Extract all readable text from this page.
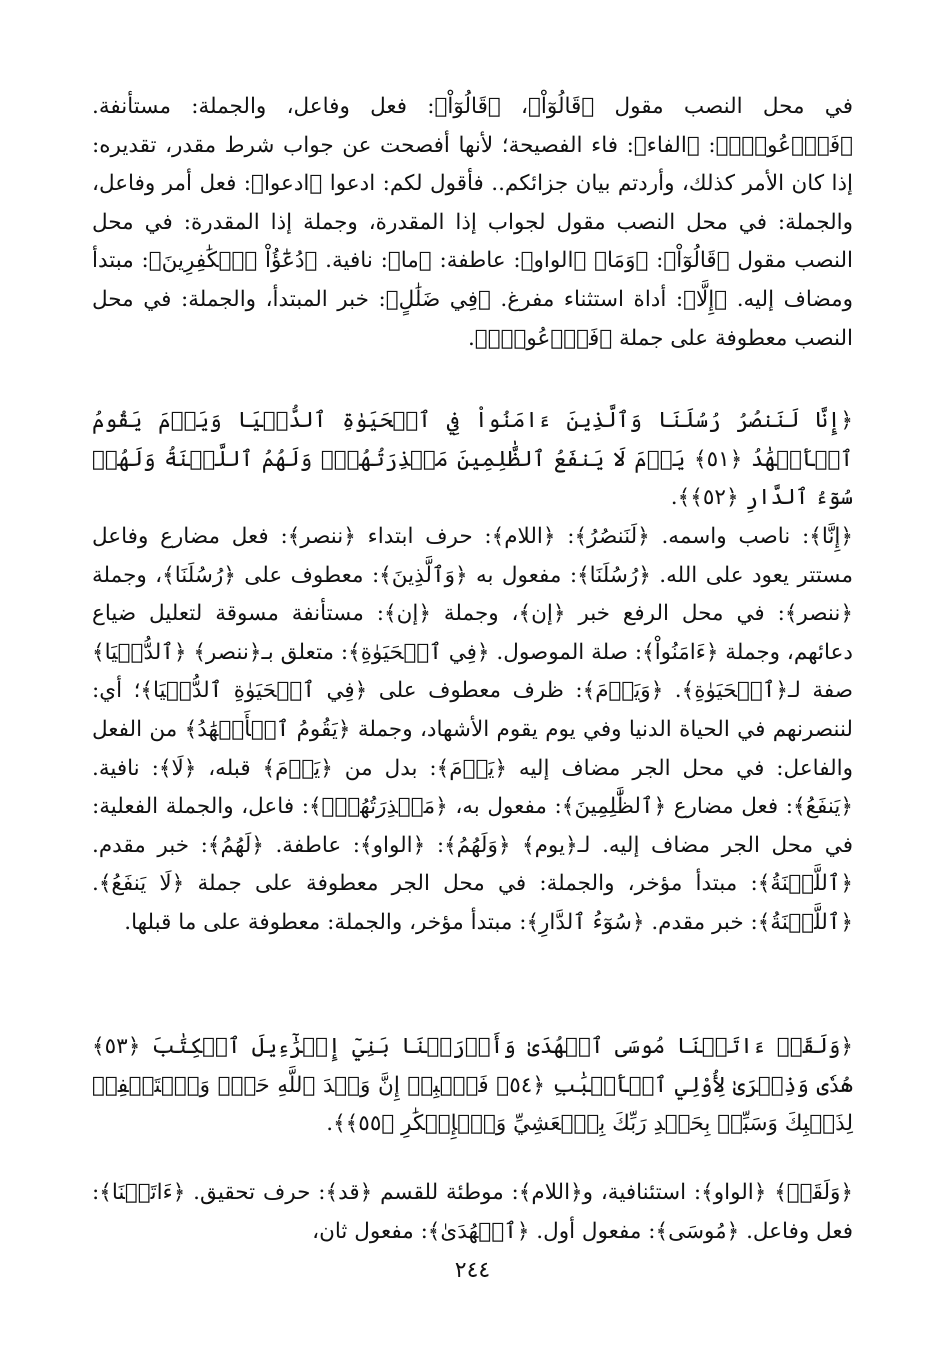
في محل النصب مقول ﴿قَالُوٓاْ﴾، ﴿قَالُوٓاْ﴾: فعل وفاعل، والجملة: مستأنفة. ﴿فَٱدۡعُواْۗ﴾: ﴿الفاء﴾: فاء الفصيحة؛ لأنها أفصحت عن جواب شرط مقدر، تقديره: إذا كان الأمر كذلك، وأردتم بيان جزائكم.. فأقول لكم: ادعوا ﴿ادعوا﴾: فعل أمر وفاعل، والجملة: في محل النصب مقول لجواب إذا المقدرة، وجملة إذا المقدرة: في محل النصب مقول ﴿قَالُوٓاْ﴾: ﴿وَمَا﴾ ﴿الواو﴾: عاطفة: ﴿ما﴾: نافية. ﴿دُعَٰٓؤُاْ ٱلۡكَٰفِرِينَ﴾: مبتدأ ومضاف إليه. ﴿إِلَّا﴾: أداة استثناء مفرغ. ﴿فِي ضَلَٰلٍ﴾: خبر المبتدأ، والجملة: في محل النصب معطوفة على جملة ﴿فَٱدۡعُواْۗ﴾.

﴿إِنَّا لَنَنصُرُ رُسُلَنَا وَٱلَّذِينَ ءَامَنُواْ فِي ٱلۡحَيَوٰةِ ٱلدُّنۡيَا وَيَوۡمَ يَقُومُ ٱلۡأَشۡهَٰدُ ﴿٥١﴾ يَوۡمَ لَا يَنفَعُ ٱلظَّٰلِمِينَ مَعۡذِرَتُهُمۡۖ وَلَهُمُ ٱللَّعۡنَةُ وَلَهُمۡ سُوٓءُ ٱلدَّارِ ﴿٥٢﴾﴾.

﴿إِنَّا﴾: ناصب واسمه. ﴿لَنَنصُرُ﴾: ﴿اللام﴾: حرف ابتداء ﴿ننصر﴾: فعل مضارع وفاعل مستتر يعود على الله. ﴿رُسُلَنَا﴾: مفعول به ﴿وَٱلَّذِينَ﴾: معطوف على ﴿رُسُلَنَا﴾، وجملة ﴿ننصر﴾: في محل الرفع خبر ﴿إن﴾، وجملة ﴿إن﴾: مستأنفة مسوقة لتعليل ضياع دعائهم، وجملة ﴿ءَامَنُواْ﴾: صلة الموصول. ﴿فِي ٱلۡحَيَوٰةِ﴾: متعلق بـ﴿ننصر﴾ ﴿ٱلدُّنۡيَا﴾ صفة لـ﴿ٱلۡحَيَوٰةِ﴾. ﴿وَيَوۡمَ﴾: ظرف معطوف على ﴿فِي ٱلۡحَيَوٰةِ ٱلدُّنۡيَا﴾؛ أي: لننصرنهم في الحياة الدنيا وفي يوم يقوم الأشهاد، وجملة ﴿يَقُومُ ٱلۡأَشۡهَٰدُ﴾ من الفعل والفاعل: في محل الجر مضاف إليه ﴿يَوۡمَ﴾: بدل من ﴿يَوۡمَ﴾ قبله، ﴿لَا﴾: نافية. ﴿يَنفَعُ﴾: فعل مضارع ﴿ٱلظَّٰلِمِينَ﴾: مفعول به، ﴿مَعۡذِرَتُهُمۡۖ﴾: فاعل، والجملة الفعلية: في محل الجر مضاف إليه. لـ﴿يوم﴾ ﴿وَلَهُمُ﴾: ﴿الواو﴾: عاطفة. ﴿لَهُمُ﴾: خبر مقدم. ﴿ٱللَّعۡنَةُ﴾: مبتدأ مؤخر، والجملة: في محل الجر معطوفة على جملة ﴿لَا يَنفَعُ﴾. ﴿ٱللَّعۡنَةُ﴾: خبر مقدم. ﴿سُوٓءُ ٱلدَّارِ﴾: مبتدأ مؤخر، والجملة: معطوفة على ما قبلها.

﴿وَلَقَدۡ ءَاتَيۡنَا مُوسَى ٱلۡهُدَىٰ وَأَوۡرَثۡنَا بَنِيٓ إِسۡرَٰٓءِيلَ ٱلۡكِتَٰبَ ﴿٥٣﴾ هُدٗى وَذِكۡرَىٰ لِأُوْلِي ٱلۡأَلۡبَٰبِ ﴿٥٤﴾ فَٱصۡبِرۡ إِنَّ وَعۡدَ ٱللَّهِ حَقّٞ وَٱسۡتَغۡفِرۡ لِذَنۢبِكَ وَسَبِّحۡ بِحَمۡدِ رَبِّكَ بِٱلۡعَشِيِّ وَٱلۡإِبۡكَٰرِ ﴿٥٥﴾﴾.

﴿وَلَقَدۡ﴾ ﴿الواو﴾: استئنافية، و﴿اللام﴾: موطئة للقسم ﴿قد﴾: حرف تحقيق. ﴿ءَاتَيۡنَا﴾: فعل وفاعل. ﴿مُوسَى﴾: مفعول أول. ﴿ٱلۡهُدَىٰ﴾: مفعول ثان،

٢٤٤
